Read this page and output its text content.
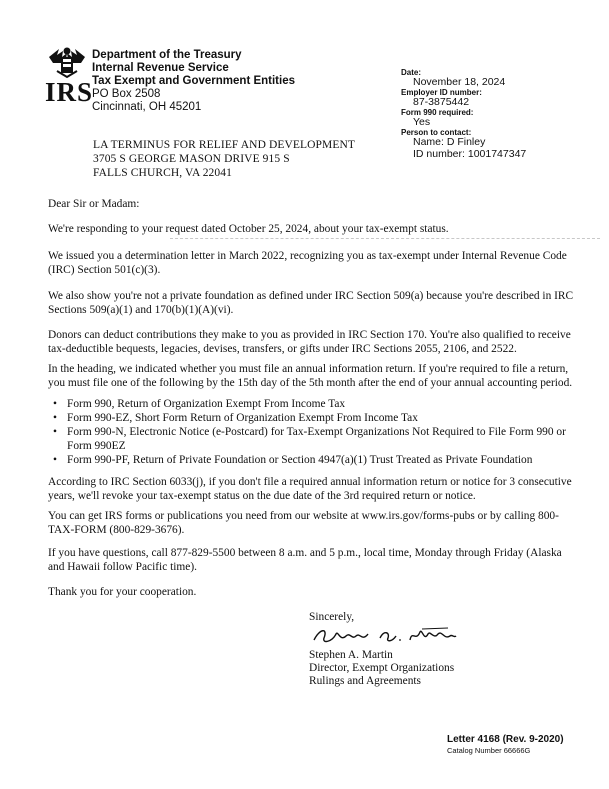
IRS
Department of the Treasury
Internal Revenue Service
Tax Exempt and Government Entities
PO Box 2508
Cincinnati, OH 45201
Date:
November 18, 2024
Employer ID number:
87-3875442
Form 990 required:
Yes
Person to contact:
Name: D Finley
ID number: 1001747347
LA TERMINUS FOR RELIEF AND DEVELOPMENT
3705 S GEORGE MASON DRIVE 915 S
FALLS CHURCH, VA 22041
Dear Sir or Madam:
We're responding to your request dated October 25, 2024, about your tax-exempt status.
We issued you a determination letter in March 2022, recognizing you as tax-exempt under Internal Revenue Code (IRC) Section 501(c)(3).
We also show you're not a private foundation as defined under IRC Section 509(a) because you're described in IRC Sections 509(a)(1) and 170(b)(1)(A)(vi).
Donors can deduct contributions they make to you as provided in IRC Section 170. You're also qualified to receive tax-deductible bequests, legacies, devises, transfers, or gifts under IRC Sections 2055, 2106, and 2522.
In the heading, we indicated whether you must file an annual information return. If you're required to file a return, you must file one of the following by the 15th day of the 5th month after the end of your annual accounting period.
• Form 990, Return of Organization Exempt From Income Tax
• Form 990-EZ, Short Form Return of Organization Exempt From Income Tax
• Form 990-N, Electronic Notice (e-Postcard) for Tax-Exempt Organizations Not Required to File Form 990 or Form 990EZ
• Form 990-PF, Return of Private Foundation or Section 4947(a)(1) Trust Treated as Private Foundation
According to IRC Section 6033(j), if you don't file a required annual information return or notice for 3 consecutive years, we'll revoke your tax-exempt status on the due date of the 3rd required return or notice.
You can get IRS forms or publications you need from our website at www.irs.gov/forms-pubs or by calling 800-TAX-FORM (800-829-3676).
If you have questions, call 877-829-5500 between 8 a.m. and 5 p.m., local time, Monday through Friday (Alaska and Hawaii follow Pacific time).
Thank you for your cooperation.
Sincerely,
Stephen A. Martin
Director, Exempt Organizations
Rulings and Agreements
Letter 4168 (Rev. 9-2020)
Catalog Number 66666G
